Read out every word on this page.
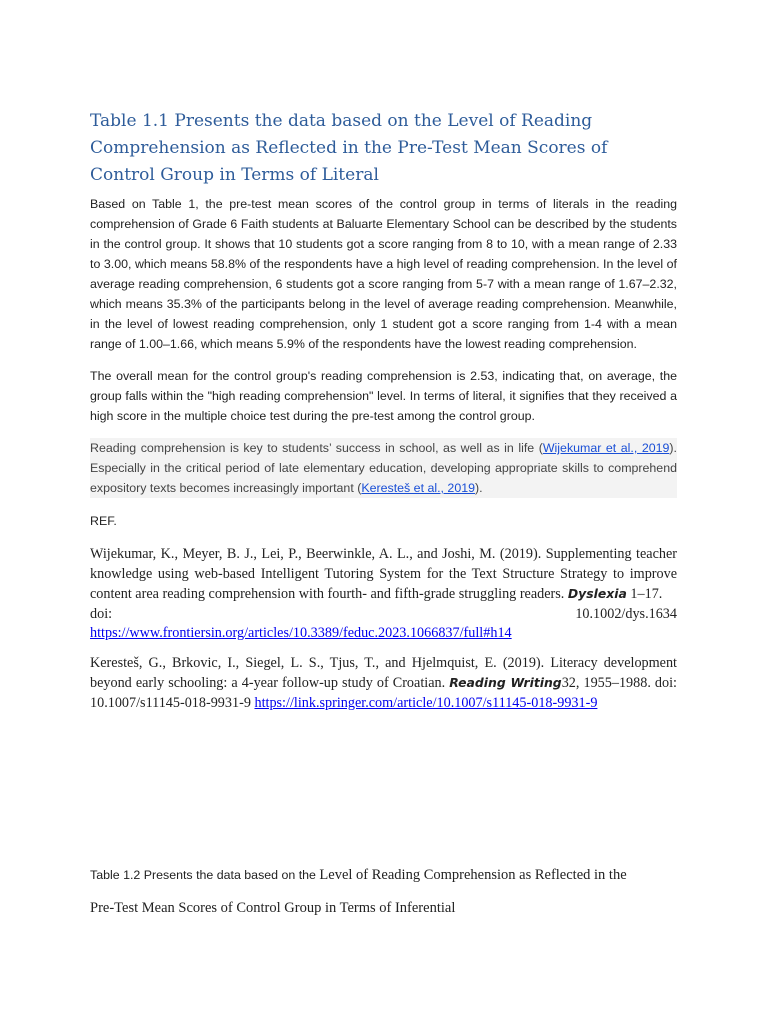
Table 1.1 Presents the data based on the Level of Reading Comprehension as Reflected in the Pre-Test Mean Scores of Control Group in Terms of Literal

Based on Table 1, the pre-test mean scores of the control group in terms of literals in the reading comprehension of Grade 6 Faith students at Baluarte Elementary School can be described by the students in the control group. It shows that 10 students got a score ranging from 8 to 10, with a mean range of 2.33 to 3.00, which means 58.8% of the respondents have a high level of reading comprehension. In the level of average reading comprehension, 6 students got a score ranging from 5-7 with a mean range of 1.67–2.32, which means 35.3% of the participants belong in the level of average reading comprehension. Meanwhile, in the level of lowest reading comprehension, only 1 student got a score ranging from 1-4 with a mean range of 1.00–1.66, which means 5.9% of the respondents have the lowest reading comprehension.

The overall mean for the control group's reading comprehension is 2.53, indicating that, on average, the group falls within the "high reading comprehension" level. In terms of literal, it signifies that they received a high score in the multiple choice test during the pre-test among the control group.

Reading comprehension is key to students’ success in school, as well as in life (Wijekumar et al., 2019). Especially in the critical period of late elementary education, developing appropriate skills to comprehend expository texts becomes increasingly important (Keresteš et al., 2019).

REF.

Wijekumar, K., Meyer, B. J., Lei, P., Beerwinkle, A. L., and Joshi, M. (2019). Supplementing teacher knowledge using web-based Intelligent Tutoring System for the Text Structure Strategy to improve content area reading comprehension with fourth- and fifth-grade struggling readers. Dyslexia 1–17.
doi:	10.1002/dys.1634
https://www.frontiersin.org/articles/10.3389/feduc.2023.1066837/full#h14

Keresteš, G., Brkovic, I., Siegel, L. S., Tjus, T., and Hjelmquist, E. (2019). Literacy development beyond early schooling: a 4-year follow-up study of Croatian. Reading Writing32, 1955–1988. doi: 10.1007/s11145-018-9931-9 https://link.springer.com/article/10.1007/s11145-018-9931-9

Table 1.2 Presents the data based on the Level of Reading Comprehension as Reflected in the
Pre-Test Mean Scores of Control Group in Terms of Inferential
